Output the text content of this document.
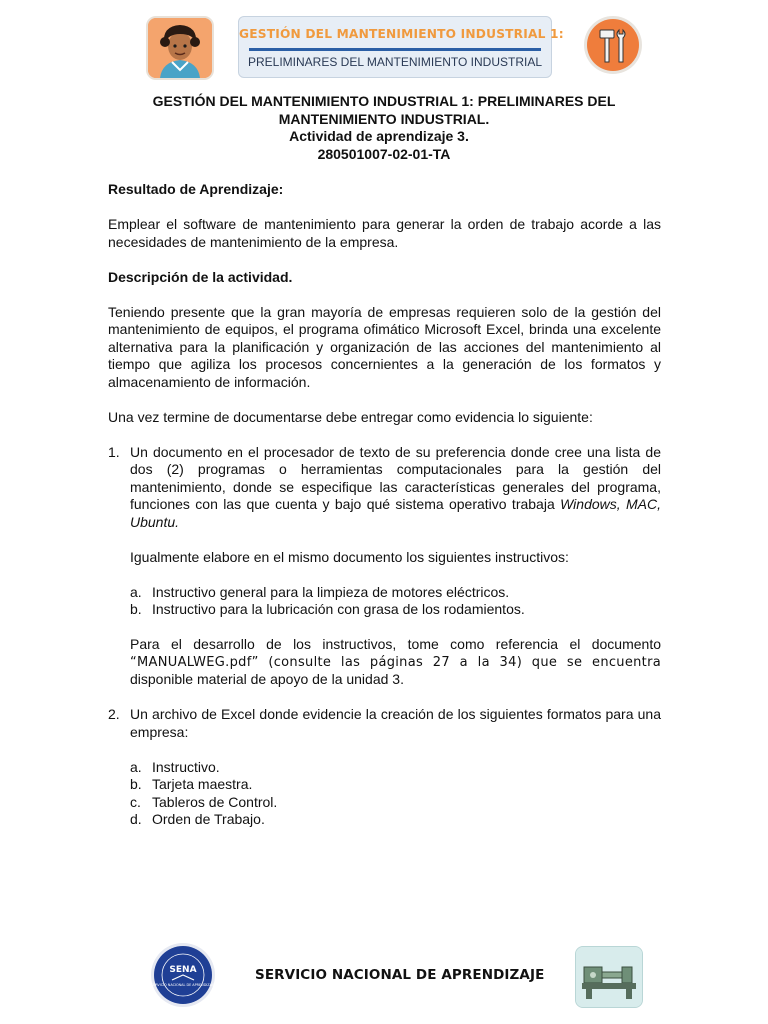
GESTIÓN DEL MANTENIMIENTO INDUSTRIAL 1:
PRELIMINARES DEL MANTENIMIENTO INDUSTRIAL
GESTIÓN DEL MANTENIMIENTO INDUSTRIAL 1: PRELIMINARES DEL
MANTENIMIENTO INDUSTRIAL.
Actividad de aprendizaje 3.
280501007-02-01-TA

Resultado de Aprendizaje:

Emplear el software de mantenimiento para generar la orden de trabajo acorde a las necesidades de mantenimiento de la empresa.

Descripción de la actividad.

Teniendo presente que la gran mayoría de empresas requieren solo de la gestión del mantenimiento de equipos, el programa ofimático Microsoft Excel, brinda una excelente alternativa para la planificación y organización de las acciones del mantenimiento al tiempo que agiliza los procesos concernientes a la generación de los formatos y almacenamiento de información.

Una vez termine de documentarse debe entregar como evidencia lo siguiente:

1. Un documento en el procesador de texto de su preferencia donde cree una lista de dos (2) programas o herramientas computacionales para la gestión del mantenimiento, donde se especifique las características generales del programa, funciones con las que cuenta y bajo qué sistema operativo trabaja Windows, MAC, Ubuntu.

Igualmente elabore en el mismo documento los siguientes instructivos:

a. Instructivo general para la limpieza de motores eléctricos.
b. Instructivo para la lubricación con grasa de los rodamientos.

Para el desarrollo de los instructivos, tome como referencia el documento

“MANUALWEG.pdf” (consulte las páginas 27 a la 34) que se encuentra

disponible material de apoyo de la unidad 3.

2. Un archivo de Excel donde evidencie la creación de los siguientes formatos para una empresa:

a. Instructivo.
b. Tarjeta maestra.
c. Tableros de Control.
d. Orden de Trabajo.
SENA
SERVICIO NACIONAL DE APRENDIZAJE
SERVICIO NACIONAL DE APRENDIZAJE
